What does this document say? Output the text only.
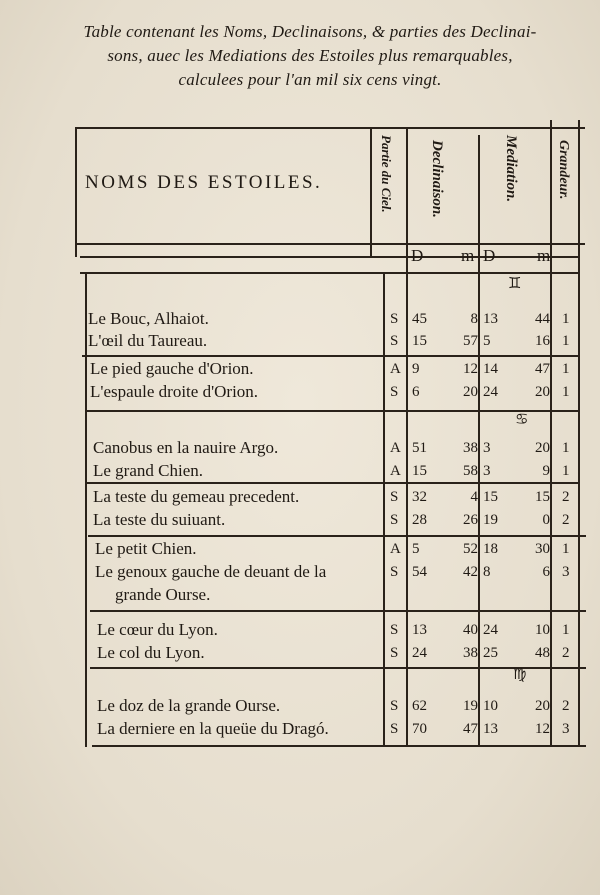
Table contenant les Noms, Declinaisons, & parties des Declinai-
sons, auec les Mediations des Estoiles plus remarquables,
calculees pour l'an mil six cens vingt.
NOMS DES ESTOILES.	Partie du Ciel. Declinaison.	Mediation.	Grandeur.
D m D m
♊
♋
♍
Le Bouc, Alhaiot.	S 45	8 13	44 1
L'œil du Taureau.	S 15	57 5	16 1
Le pied gauche d'Orion.	A 9	12 14	47 1
L'espaule droite d'Orion.	S 6	20 24	20 1
Canobus en la nauire Argo.	A 51	38 3	20 1
Le grand Chien.	A 15	58 3	9 1
La teste du gemeau precedent.	S 32	4 15	15 2
La teste du suiuant.	S 28	26 19	0 2
Le petit Chien.	A 5	52 18	30 1
Le genoux gauche de deuant de la
grande Ourse.
S 54	42 8	6 3
Le cœur du Lyon.	S 13	40 24	10 1
Le col du Lyon.	S 24	38 25	48 2
Le doz de la grande Ourse.	S 62	19 10	20 2
La derniere en la queüe du Dragó.	S 70	47 13	12 3
